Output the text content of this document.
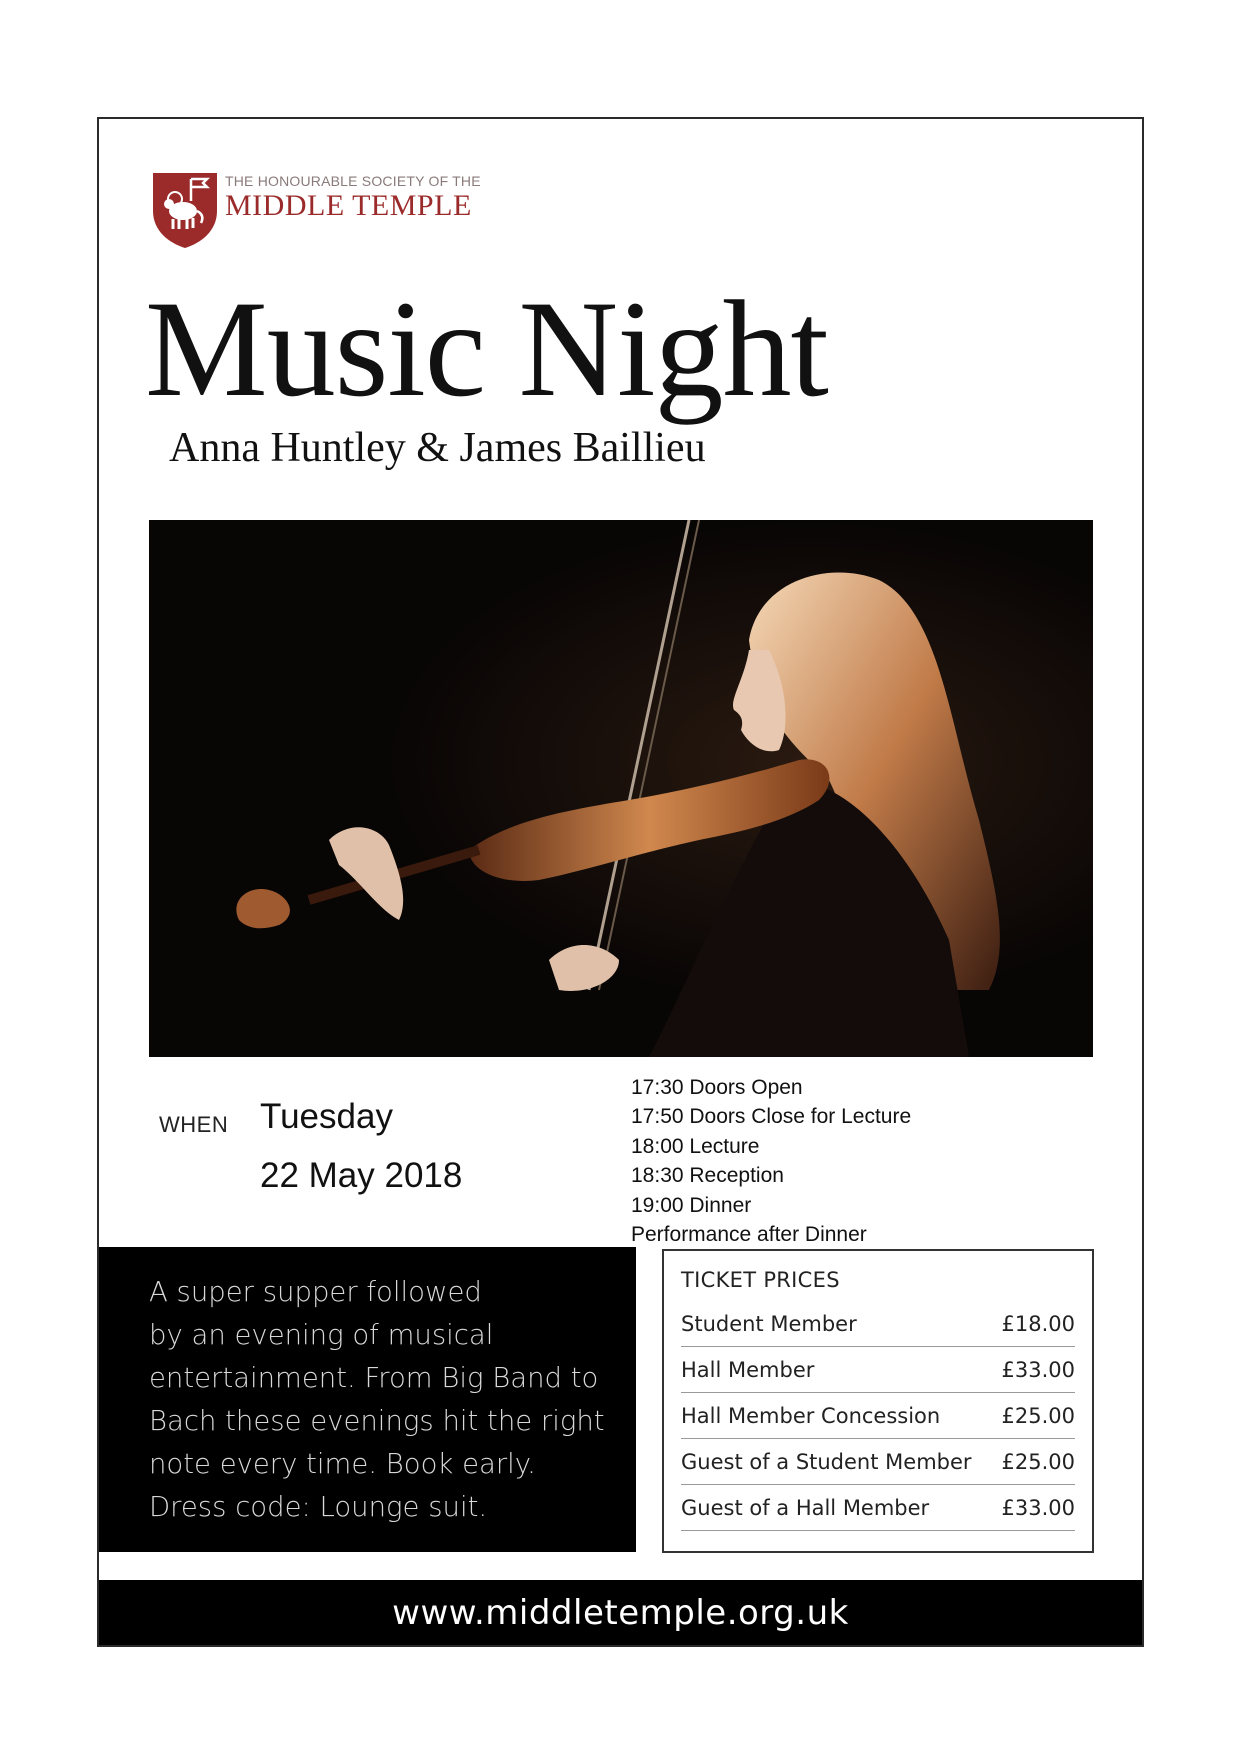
THE HONOURABLE SOCIETY OF THE
MIDDLE TEMPLE
Music Night
Anna Huntley & James Baillieu
WHEN Tuesday
22 May 2018
17:30 Doors Open
17:50 Doors Close for Lecture
18:00 Lecture
18:30 Reception
19:00 Dinner
Performance after Dinner

A super supper followed
by an evening of musical
entertainment. From Big Band to
Bach these evenings hit the right
note every time. Book early.
Dress code: Lounge suit.

TICKET PRICES
Student Member	£18.00
Hall Member	£33.00
Hall Member Concession	£25.00
Guest of a Student Member £25.00
Guest of a Hall Member	£33.00
www.middletemple.org.uk
